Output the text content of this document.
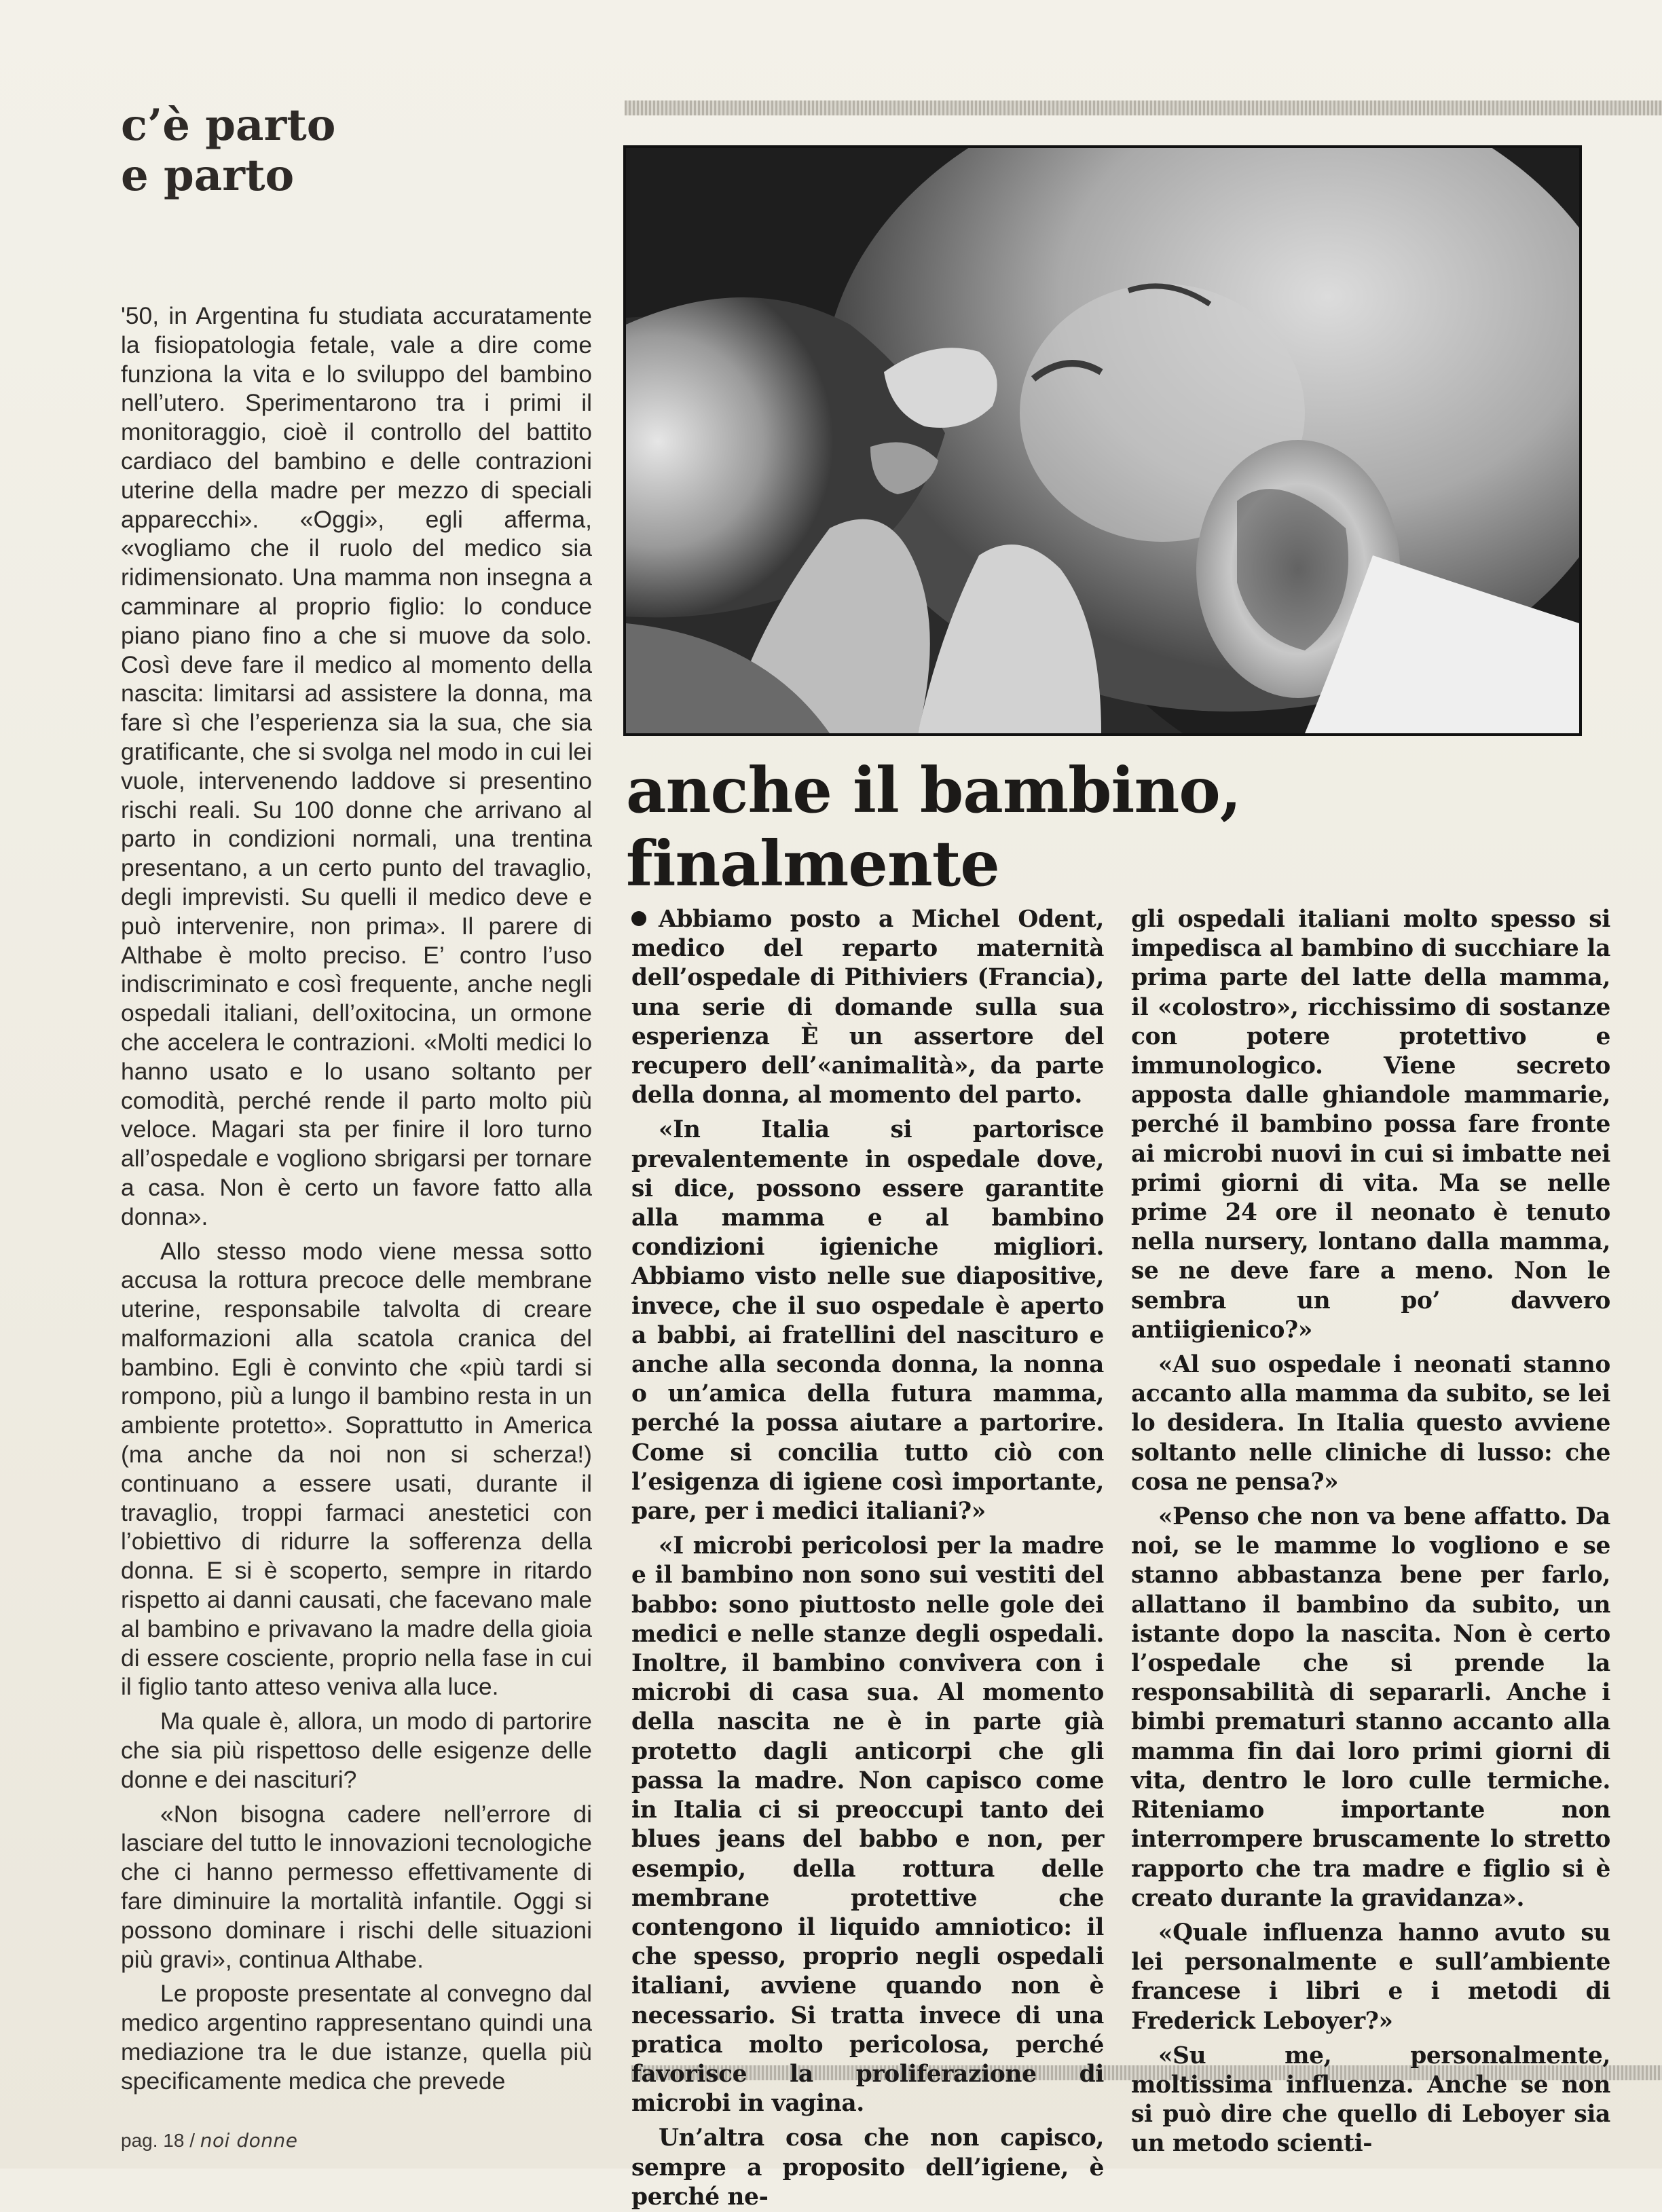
c’è parto
e parto
anche il bambino,
finalmente

'50, in Argentina fu studiata accuratamente la fisiopatologia fetale, vale a dire come funziona la vita e lo sviluppo del bambino nell’utero. Sperimentarono tra i primi il monitoraggio, cioè il controllo del battito cardiaco del bambino e delle contrazioni uterine della madre per mezzo di speciali apparecchi». «Oggi», egli afferma, «vogliamo che il ruolo del medico sia ridimensionato. Una mamma non insegna a camminare al proprio figlio: lo conduce piano piano fino a che si muove da solo. Così deve fare il medico al momento della nascita: limitarsi ad assistere la donna, ma fare sì che l’esperienza sia la sua, che sia gratificante, che si svolga nel modo in cui lei vuole, intervenendo laddove si presentino rischi reali. Su 100 donne che arrivano al parto in condizioni normali, una trentina presentano, a un certo punto del travaglio, degli imprevisti. Su quelli il medico deve e può intervenire, non prima». Il parere di Althabe è molto preciso. E’ contro l’uso indiscriminato e così frequente, anche negli ospedali italiani, dell’oxitocina, un ormone che accelera le contrazioni. «Molti medici lo hanno usato e lo usano soltanto per comodità, perché rende il parto molto più veloce. Magari sta per finire il loro turno all’ospedale e vogliono sbrigarsi per tornare a casa. Non è certo un favore fatto alla donna».

Allo stesso modo viene messa sotto accusa la rottura precoce delle membrane uterine, responsabile talvolta di creare malformazioni alla scatola cranica del bambino. Egli è convinto che «più tardi si rompono, più a lungo il bambino resta in un ambiente protetto». Soprattutto in America (ma anche da noi non si scherza!) continuano a essere usati, durante il travaglio, troppi farmaci anestetici con l’obiettivo di ridurre la sofferenza della donna. E si è scoperto, sempre in ritardo rispetto ai danni causati, che facevano male al bambino e privavano la madre della gioia di essere cosciente, proprio nella fase in cui il figlio tanto atteso veniva alla luce.

Ma quale è, allora, un modo di partorire che sia più rispettoso delle esigenze delle donne e dei nascituri?

«Non bisogna cadere nell’errore di lasciare del tutto le innovazioni tecnologiche che ci hanno permesso effettivamente di fare diminuire la mortalità infantile. Oggi si possono dominare i rischi delle situazioni più gravi», continua Althabe.

Le proposte presentate al convegno dal medico argentino rappresentano quindi una mediazione tra le due istanze, quella più specificamente medica che prevede

Abbiamo posto a Michel Odent, medico del reparto maternità dell’ospedale di Pithiviers (Francia), una serie di domande sulla sua esperienza È un assertore del recupero dell’«animalità», da parte della donna, al momento del parto.

«In Italia si partorisce prevalentemente in ospedale dove, si dice, possono essere garantite alla mamma e al bambino condizioni igieniche migliori. Abbiamo visto nelle sue diapositive, invece, che il suo ospedale è aperto a babbi, ai fratellini del nascituro e anche alla seconda donna, la nonna o un’amica della futura mamma, perché la possa aiutare a partorire. Come si concilia tutto ciò con l’esigenza di igiene così importante, pare, per i medici italiani?»

«I microbi pericolosi per la madre e il bambino non sono sui vestiti del babbo: sono piuttosto nelle gole dei medici e nelle stanze degli ospedali. Inoltre, il bambino convivera con i microbi di casa sua. Al momento della nascita ne è in parte già protetto dagli anticorpi che gli passa la madre. Non capisco come in Italia ci si preoccupi tanto dei blues jeans del babbo e non, per esempio, della rottura delle membrane protettive che contengono il liquido amniotico: il che spesso, proprio negli ospedali italiani, avviene quando non è necessario. Si tratta invece di una pratica molto pericolosa, perché favorisce la proliferazione di microbi in vagina.

Un’altra cosa che non capisco, sempre a proposito dell’igiene, è perché ne-

gli ospedali italiani molto spesso si impedisca al bambino di succhiare la prima parte del latte della mamma, il «colostro», ricchissimo di sostanze con potere protettivo e immunologico. Viene secreto apposta dalle ghiandole mammarie, perché il bambino possa fare fronte ai microbi nuovi in cui si imbatte nei primi giorni di vita. Ma se nelle prime 24 ore il neonato è tenuto nella nursery, lontano dalla mamma, se ne deve fare a meno. Non le sembra un po’ davvero antiigienico?»

«Al suo ospedale i neonati stanno accanto alla mamma da subito, se lei lo desidera. In Italia questo avviene soltanto nelle cliniche di lusso: che cosa ne pensa?»

«Penso che non va bene affatto. Da noi, se le mamme lo vogliono e se stanno abbastanza bene per farlo, allattano il bambino da subito, un istante dopo la nascita. Non è certo l’ospedale che si prende la responsabilità di separarli. Anche i bimbi prematuri stanno accanto alla mamma fin dai loro primi giorni di vita, dentro le loro culle termiche. Riteniamo importante non interrompere bruscamente lo stretto rapporto che tra madre e figlio si è creato durante la gravidanza».

«Quale influenza hanno avuto su lei personalmente e sull’ambiente francese i libri e i metodi di Frederick Leboyer?»

«Su me, personalmente, moltissima influenza. Anche se non si può dire che quello di Leboyer sia un metodo scienti-

pag. 18 / noi donne
